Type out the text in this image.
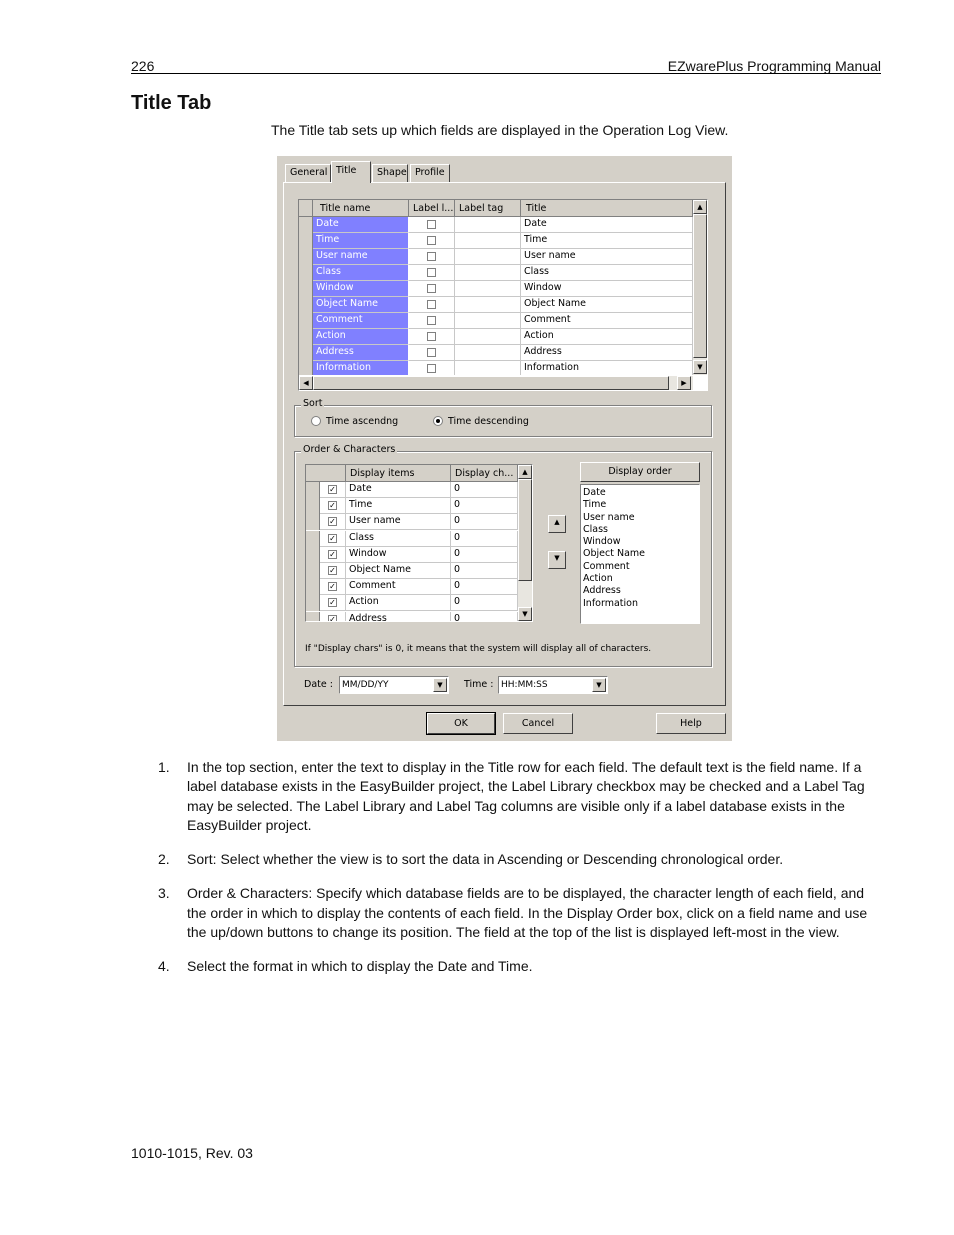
226	EZwarePlus Programming Manual
Title Tab
The Title tab sets up which fields are displayed in the Operation Log View.
General Title	Shape Profile
Title name	Label l... Label tag	Title
Date	Date
Time	Time
User name	User name
Class	Class
Window	Window
Object Name	Object Name
Comment	Comment
Action	Action
Address	Address
Information	Information
▲
▼
◀	▶
Sort
Time ascendng	Time descending
Order & Characters
Display items	Display ch...
✓	Date	0
✓	Time	0
✓	User name	0
✓	Class	0
✓	Window	0
✓	Object Name	0
✓	Comment	0
✓	Action	0
✓	Address	0
▲
▼
▲
▼
Display order
Date
Time
User name
Class
Window
Object Name
Comment
Action
Address
Information
If "Display chars" is 0, it means that the system will display all of characters.
Date :	MM/DD/YY	▼	Time : HH:MM:SS	▼
OK	Cancel	Help
1. In the top section, enter the text to display in the Title row for each field. The default text is the field name. If a label database exists in the EasyBuilder project, the Label Library checkbox may be checked and a Label Tag may be selected. The Label Library and Label Tag columns are visible only if a label database exists in the EasyBuilder project.
2. Sort: Select whether the view is to sort the data in Ascending or Descending chronological order.
3. Order & Characters: Specify which database fields are to be displayed, the character length of each field, and the order in which to display the contents of each field. In the Display Order box, click on a field name and use the up/down buttons to change its position. The field at the top of the list is displayed left-most in the view.
4. Select the format in which to display the Date and Time.
1010-1015, Rev. 03
